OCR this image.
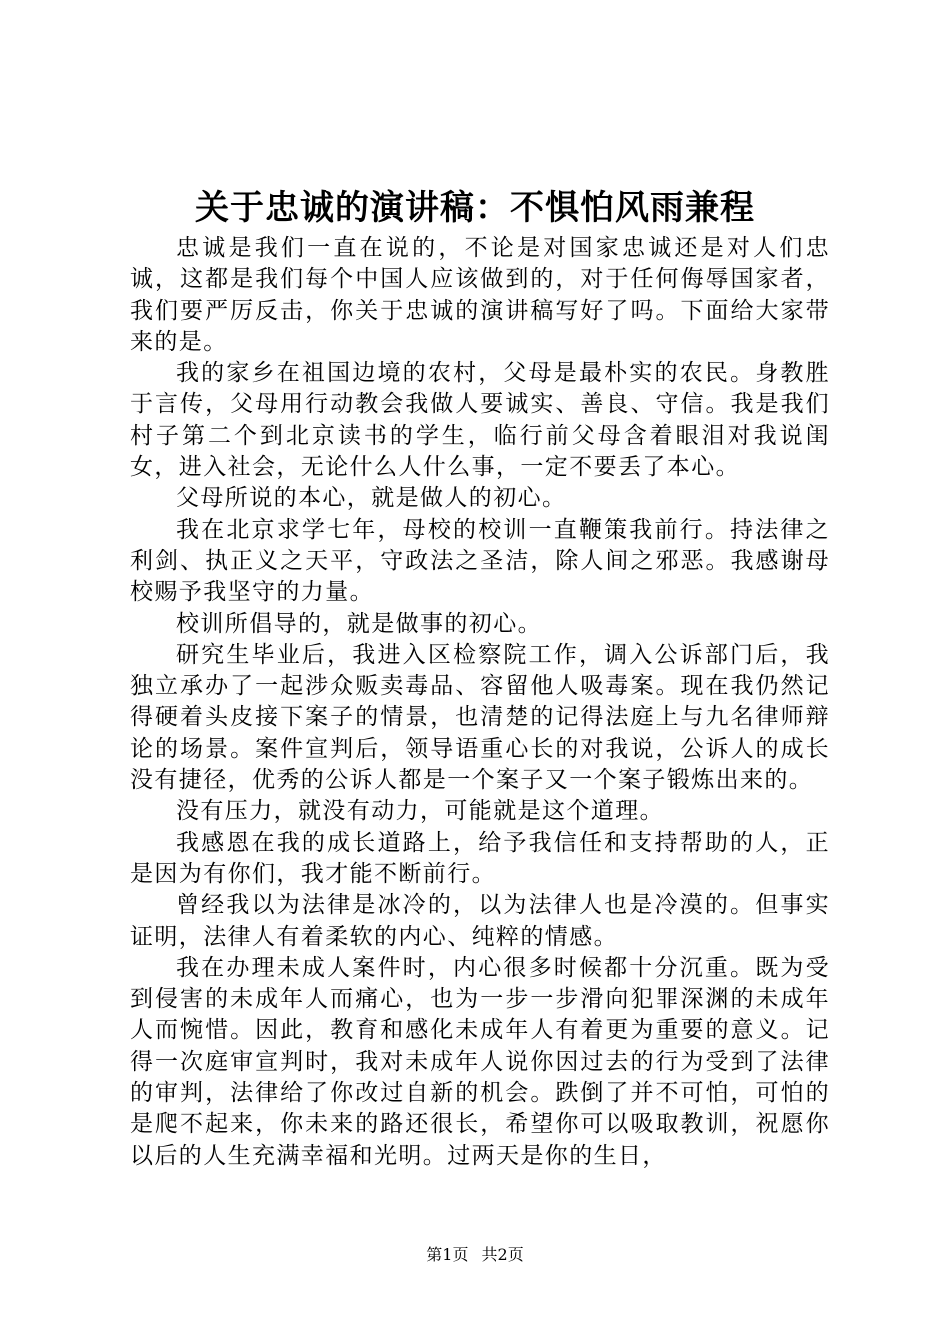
关于忠诚的演讲稿：不惧怕风雨兼程

忠诚是我们一直在说的，不论是对国家忠诚还是对人们忠诚，这都是我们每个中国人应该做到的，对于任何侮辱国家者，我们要严厉反击，你关于忠诚的演讲稿写好了吗。下面给大家带来的是。

我的家乡在祖国边境的农村，父母是最朴实的农民。身教胜于言传，父母用行动教会我做人要诚实、善良、守信。我是我们村子第二个到北京读书的学生，临行前父母含着眼泪对我说闺女，进入社会，无论什么人什么事，一定不要丢了本心。

父母所说的本心，就是做人的初心。

我在北京求学七年，母校的校训一直鞭策我前行。持法律之利剑、执正义之天平，守政法之圣洁，除人间之邪恶。我感谢母校赐予我坚守的力量。

校训所倡导的，就是做事的初心。

研究生毕业后，我进入区检察院工作，调入公诉部门后，我独立承办了一起涉众贩卖毒品、容留他人吸毒案。现在我仍然记得硬着头皮接下案子的情景，也清楚的记得法庭上与九名律师辩论的场景。案件宣判后，领导语重心长的对我说，公诉人的成长没有捷径，优秀的公诉人都是一个案子又一个案子锻炼出来的。

没有压力，就没有动力，可能就是这个道理。

我感恩在我的成长道路上，给予我信任和支持帮助的人，正是因为有你们，我才能不断前行。

曾经我以为法律是冰冷的，以为法律人也是冷漠的。但事实证明，法律人有着柔软的内心、纯粹的情感。

我在办理未成人案件时，内心很多时候都十分沉重。既为受到侵害的未成年人而痛心，也为一步一步滑向犯罪深渊的未成年人而惋惜。因此，教育和感化未成年人有着更为重要的意义。记得一次庭审宣判时，我对未成年人说你因过去的行为受到了法律的审判，法律给了你改过自新的机会。跌倒了并不可怕，可怕的是爬不起来，你未来的路还很长，希望你可以吸取教训，祝愿你以后的人生充满幸福和光明。过两天是你的生日，

第1页 共2页
